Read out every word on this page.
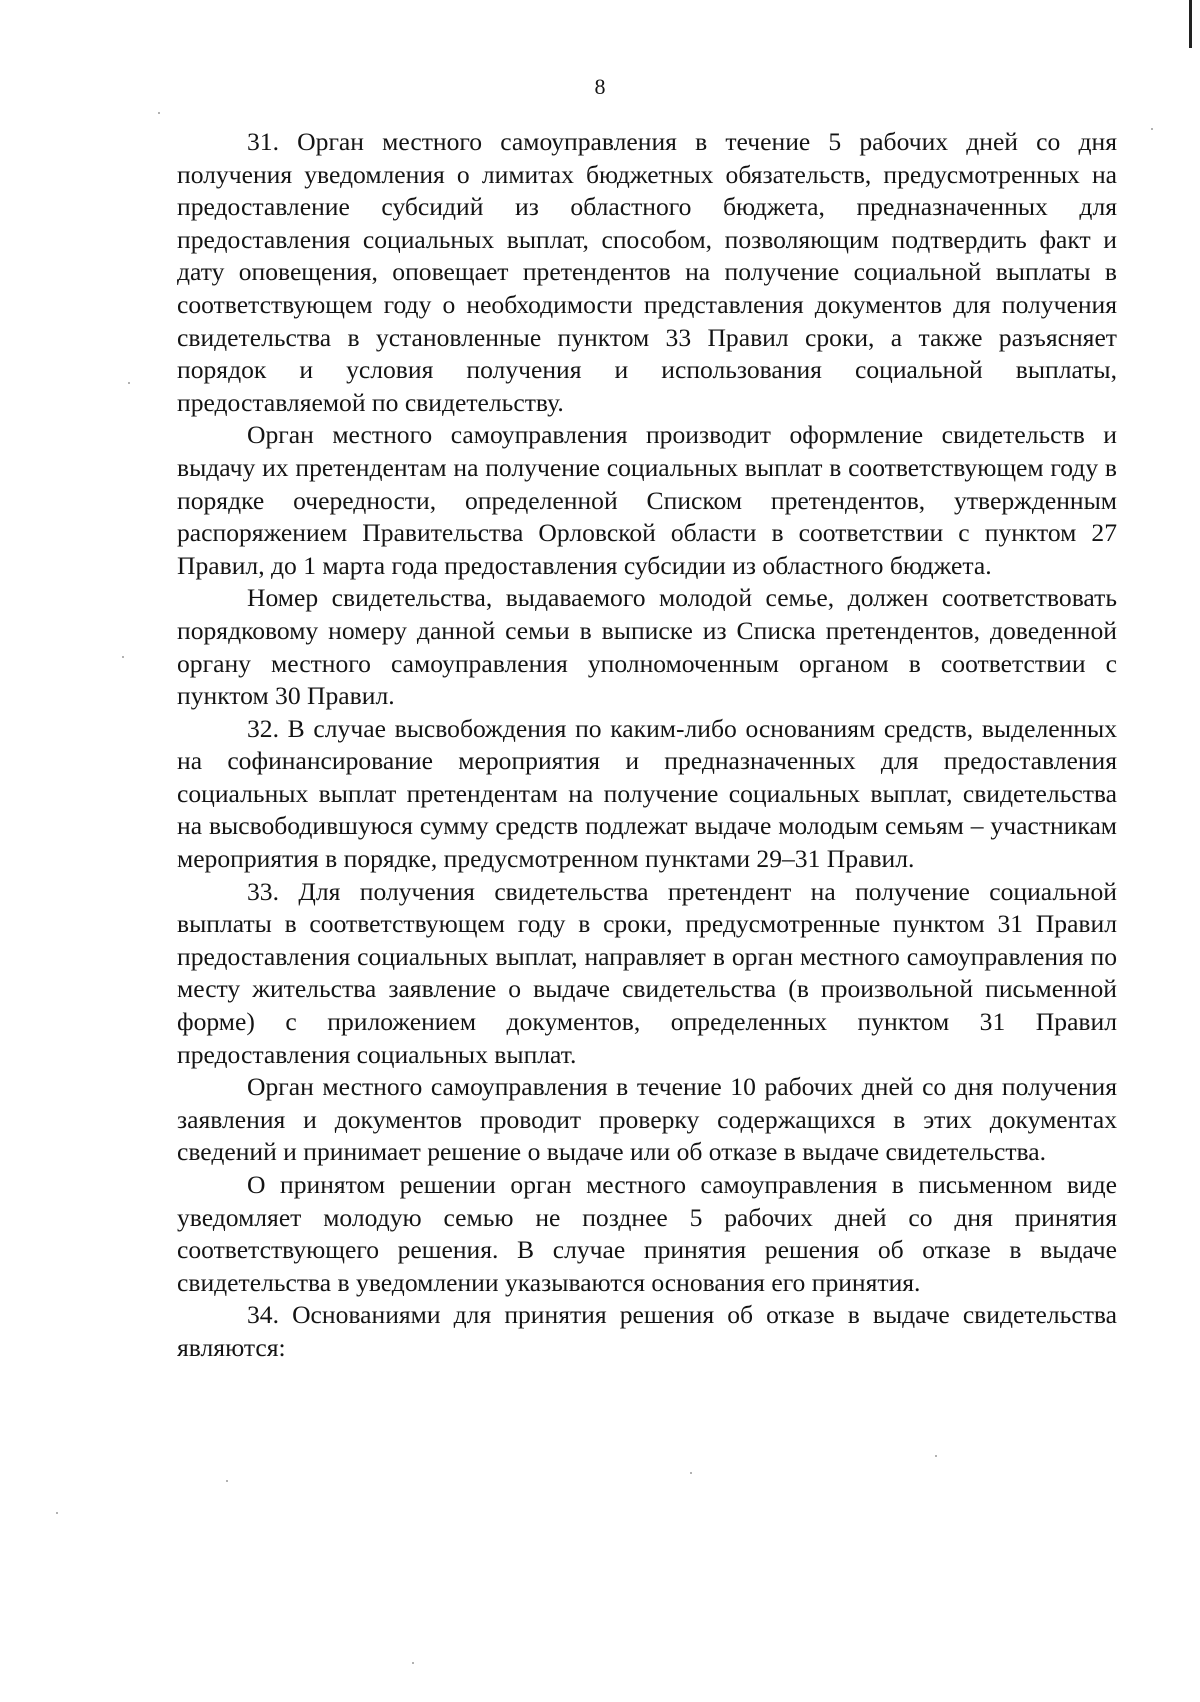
8

31. Орган местного самоуправления в течение 5 рабочих дней со дня получения уведомления о лимитах бюджетных обязательств, предусмотренных на предоставление субсидий из областного бюджета, предназначенных для предоставления социальных выплат, способом, позволяющим подтвердить факт и дату оповещения, оповещает претендентов на получение социальной выплаты в соответствующем году о необходимости представления документов для получения свидетельства в установленные пунктом 33 Правил сроки, а также разъясняет порядок и условия получения и использования социальной выплаты, предоставляемой по свидетельству.

Орган местного самоуправления производит оформление свидетельств и выдачу их претендентам на получение социальных выплат в соответствующем году в порядке очередности, определенной Списком претендентов, утвержденным распоряжением Правительства Орловской области в соответствии с пунктом 27 Правил, до 1 марта года предоставления субсидии из областного бюджета.

Номер свидетельства, выдаваемого молодой семье, должен соответствовать порядковому номеру данной семьи в выписке из Списка претендентов, доведенной органу местного самоуправления уполномоченным органом в соответствии с пунктом 30 Правил.

32. В случае высвобождения по каким-либо основаниям средств, выделенных на софинансирование мероприятия и предназначенных для предоставления социальных выплат претендентам на получение социальных выплат, свидетельства на высвободившуюся сумму средств подлежат выдаче молодым семьям – участникам мероприятия в порядке, предусмотренном пунктами 29–31 Правил.

33. Для получения свидетельства претендент на получение социальной выплаты в соответствующем году в сроки, предусмотренные пунктом 31 Правил предоставления социальных выплат, направляет в орган местного самоуправления по месту жительства заявление о выдаче свидетельства (в произвольной письменной форме) с приложением документов, определенных пунктом 31 Правил предоставления социальных выплат.

Орган местного самоуправления в течение 10 рабочих дней со дня получения заявления и документов проводит проверку содержащихся в этих документах сведений и принимает решение о выдаче или об отказе в выдаче свидетельства.

О принятом решении орган местного самоуправления в письменном виде уведомляет молодую семью не позднее 5 рабочих дней со дня принятия соответствующего решения. В случае принятия решения об отказе в выдаче свидетельства в уведомлении указываются основания его принятия.

34. Основаниями для принятия решения об отказе в выдаче свидетельства являются:
